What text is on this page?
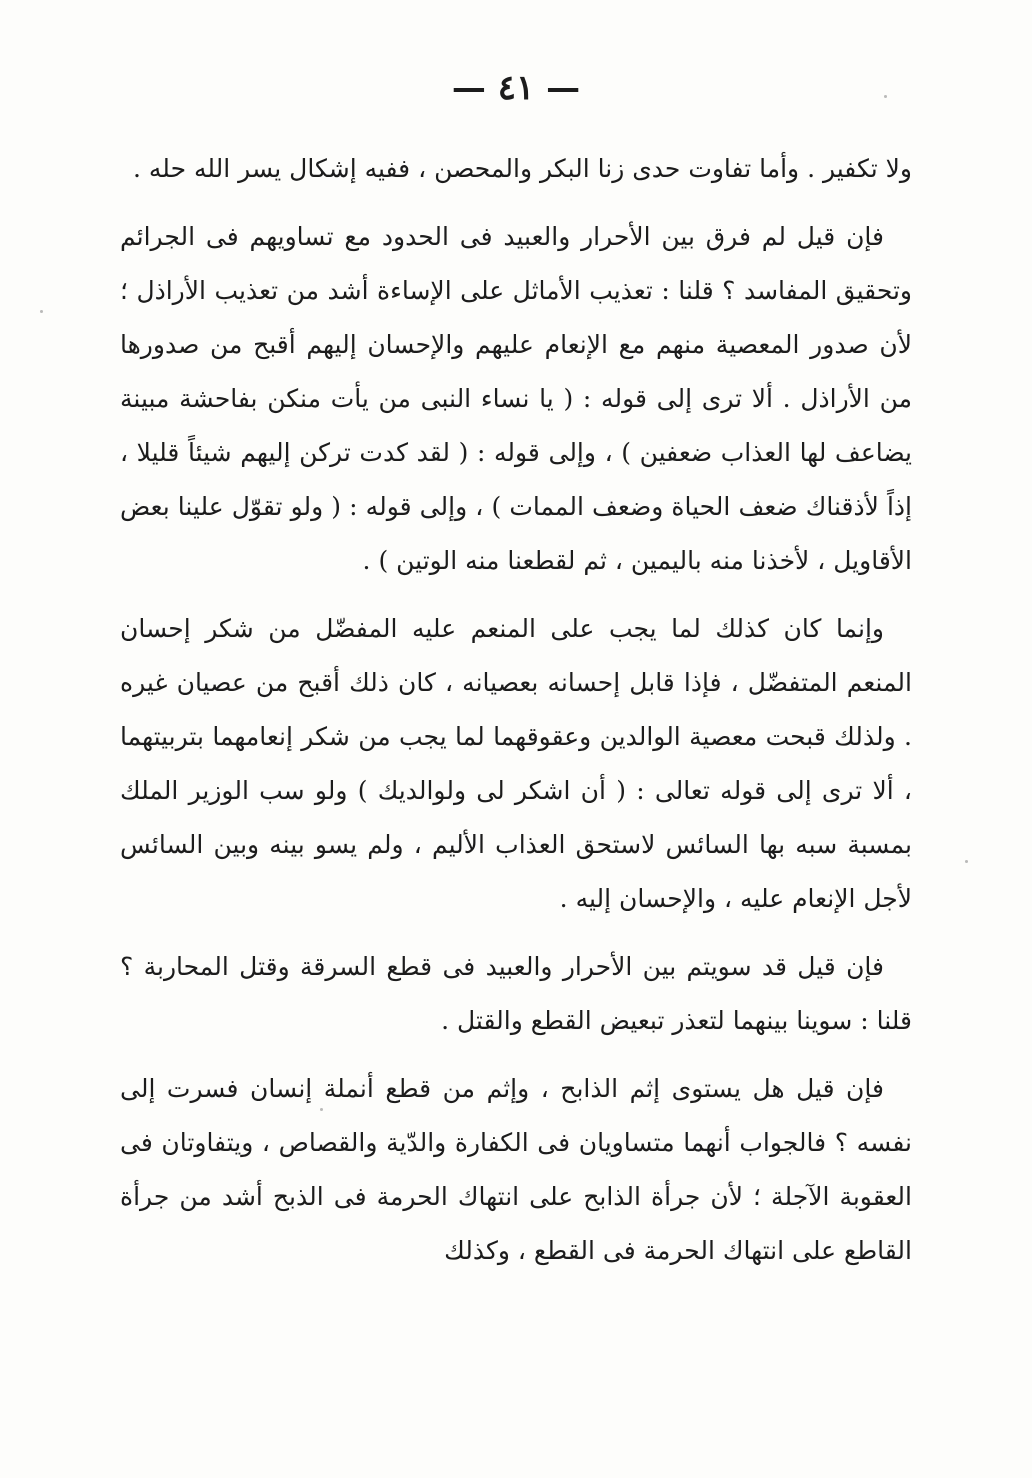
— ٤١ —

ولا تكفير . وأما تفاوت حدى زنا البكر والمحصن ، ففيه إشكال يسر الله حله .

فإن قيل لم فرق بين الأحرار والعبيد فى الحدود مع تساويهم فى الجرائم وتحقيق المفاسد ؟ قلنا : تعذيب الأماثل على الإساءة أشد من تعذيب الأراذل ؛ لأن صدور المعصية منهم مع الإنعام عليهم والإحسان إليهم أقبح من صدورها من الأراذل . ألا ترى إلى قوله : ( يا نساء النبى من يأت منكن بفاحشة مبينة يضاعف لها العذاب ضعفين ) ، وإلى قوله : ( لقد كدت تركن إليهم شيئاً قليلا ، إذاً لأذقناك ضعف الحياة وضعف الممات ) ، وإلى قوله : ( ولو تقوّل علينا بعض الأقاويل ، لأخذنا منه باليمين ، ثم لقطعنا منه الوتين ) .

وإنما كان كذلك لما يجب على المنعم عليه المفضّل من شكر إحسان المنعم المتفضّل ، فإذا قابل إحسانه بعصيانه ، كان ذلك أقبح من عصيان غيره . ولذلك قبحت معصية الوالدين وعقوقهما لما يجب من شكر إنعامهما بتربيتهما ، ألا ترى إلى قوله تعالى : ( أن اشكر لى ولوالديك ) ولو سب الوزير الملك بمسبة سبه بها السائس لاستحق العذاب الأليم ، ولم يسو بينه وبين السائس لأجل الإنعام عليه ، والإحسان إليه .

فإن قيل قد سويتم بين الأحرار والعبيد فى قطع السرقة وقتل المحاربة ؟ قلنا : سوينا بينهما لتعذر تبعيض القطع والقتل .

فإن قيل هل يستوى إثم الذابح ، وإثم من قطع أنملة إنسان فسرت إلى نفسه ؟ فالجواب أنهما متساويان فى الكفارة والدّية والقصاص ، ويتفاوتان فى العقوبة الآجلة ؛ لأن جرأة الذابح على انتهاك الحرمة فى الذبح أشد من جرأة القاطع على انتهاك الحرمة فى القطع ، وكذلك
